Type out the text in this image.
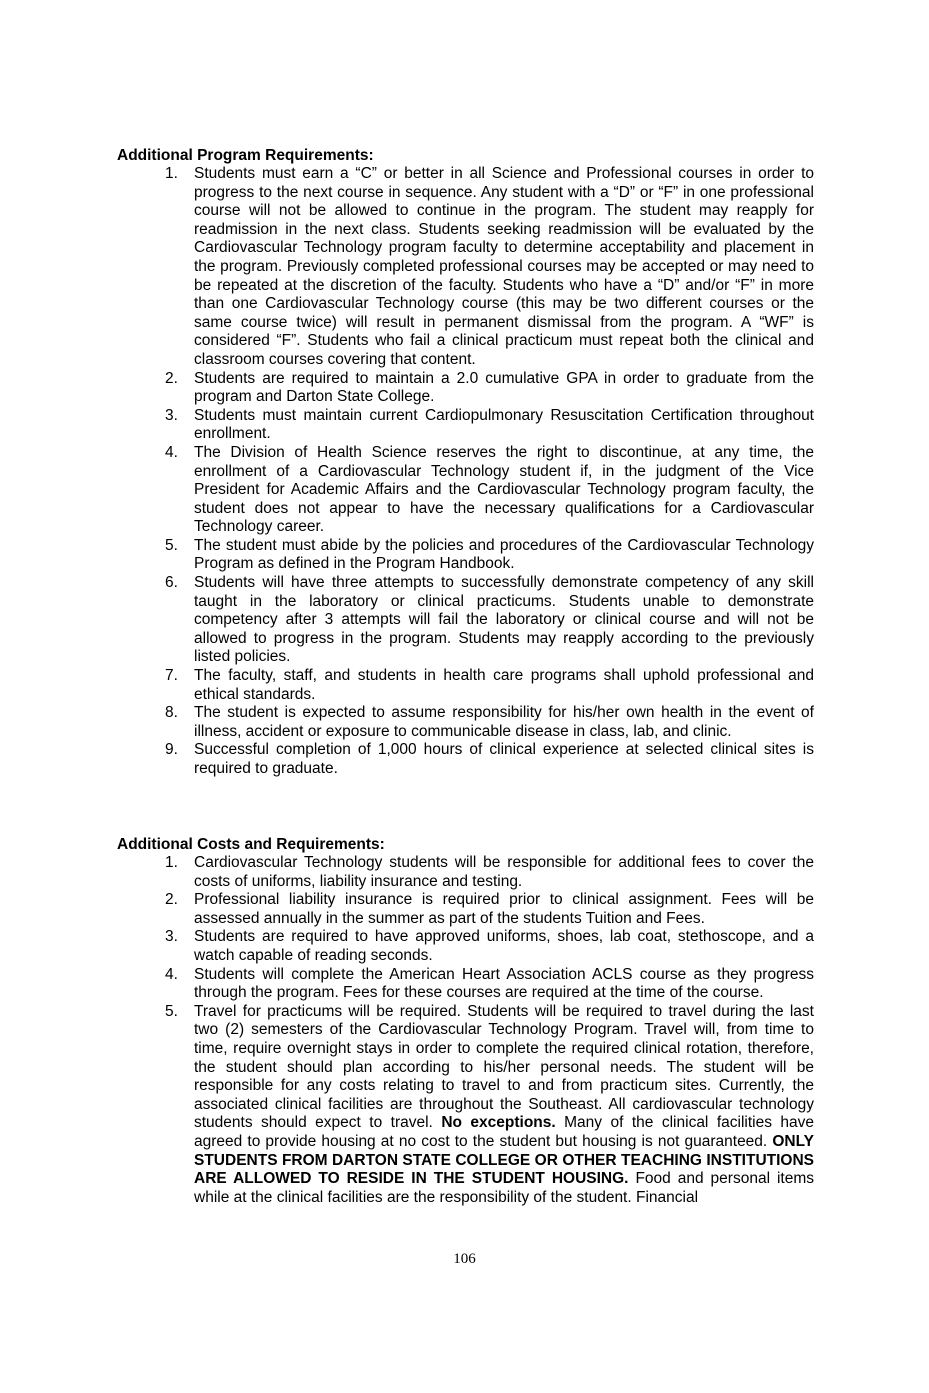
Additional Program Requirements:
1.	Students must earn a “C” or better in all Science and Professional courses in order to progress to the next course in sequence. Any student with a “D” or “F” in one professional course will not be allowed to continue in the program. The student may reapply for readmission in the next class. Students seeking readmission will be evaluated by the Cardiovascular Technology program faculty to determine acceptability and placement in the program. Previously completed professional courses may be accepted or may need to be repeated at the discretion of the faculty. Students who have a “D” and/or “F” in more than one Cardiovascular Technology course (this may be two different courses or the same course twice) will result in permanent dismissal from the program. A “WF” is considered “F”. Students who fail a clinical practicum must repeat both the clinical and classroom courses covering that content.
2.	Students are required to maintain a 2.0 cumulative GPA in order to graduate from the program and Darton State College.
3.	Students must maintain current Cardiopulmonary Resuscitation Certification throughout enrollment.
4.	The Division of Health Science reserves the right to discontinue, at any time, the enrollment of a Cardiovascular Technology student if, in the judgment of the Vice President for Academic Affairs and the Cardiovascular Technology program faculty, the student does not appear to have the necessary qualifications for a Cardiovascular Technology career.
5.	The student must abide by the policies and procedures of the Cardiovascular Technology Program as defined in the Program Handbook.
6.	Students will have three attempts to successfully demonstrate competency of any skill taught in the laboratory or clinical practicums. Students unable to demonstrate competency after 3 attempts will fail the laboratory or clinical course and will not be allowed to progress in the program. Students may reapply according to the previously listed policies.
7.	The faculty, staff, and students in health care programs shall uphold professional and ethical standards.
8.	The student is expected to assume responsibility for his/her own health in the event of illness, accident or exposure to communicable disease in class, lab, and clinic.
9.	Successful completion of 1,000 hours of clinical experience at selected clinical sites is required to graduate.
Additional Costs and Requirements:
1.	Cardiovascular Technology students will be responsible for additional fees to cover the costs of uniforms, liability insurance and testing.
2.	Professional liability insurance is required prior to clinical assignment. Fees will be assessed annually in the summer as part of the students Tuition and Fees.
3.	Students are required to have approved uniforms, shoes, lab coat, stethoscope, and a watch capable of reading seconds.
4.	Students will complete the American Heart Association ACLS course as they progress through the program. Fees for these courses are required at the time of the course.
5.	Travel for practicums will be required. Students will be required to travel during the last two (2) semesters of the Cardiovascular Technology Program. Travel will, from time to time, require overnight stays in order to complete the required clinical rotation, therefore, the student should plan according to his/her personal needs. The student will be responsible for any costs relating to travel to and from practicum sites. Currently, the associated clinical facilities are throughout the Southeast. All cardiovascular technology students should expect to travel. No exceptions. Many of the clinical facilities have agreed to provide housing at no cost to the student but housing is not guaranteed. ONLY STUDENTS FROM DARTON STATE COLLEGE OR OTHER TEACHING INSTITUTIONS ARE ALLOWED TO RESIDE IN THE STUDENT HOUSING. Food and personal items while at the clinical facilities are the responsibility of the student. Financial
106
